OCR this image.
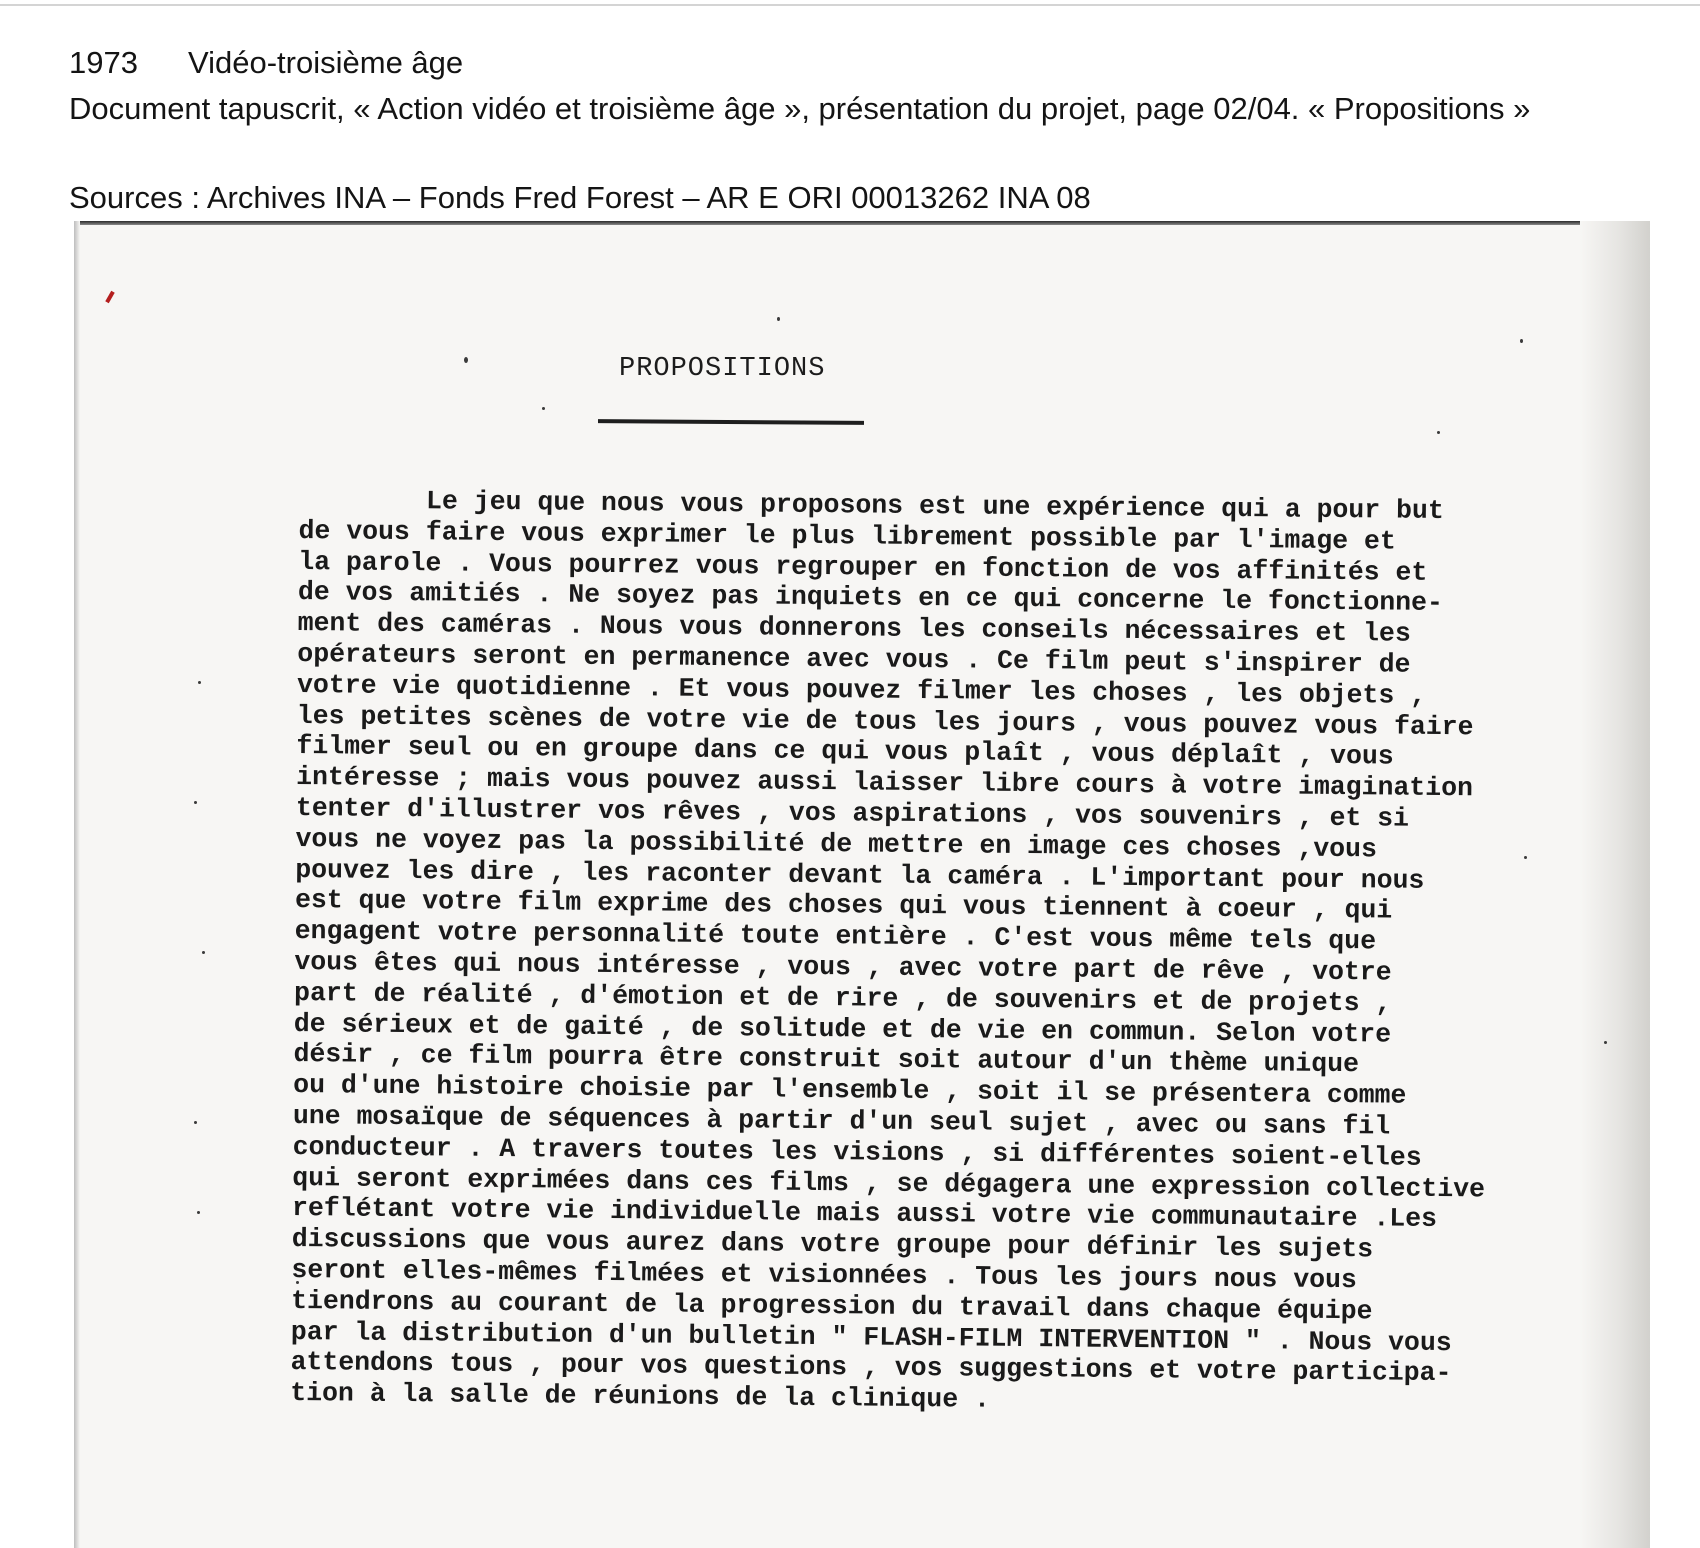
1973 Vidéo-troisième âge
Document tapuscrit, « Action vidéo et troisième âge », présentation du projet, page 02/04. « Propositions »
Sources : Archives INA – Fonds Fred Forest – AR E ORI 00013262 INA 08
PROPOSITIONS
Le jeu que nous vous proposons est une expérience qui a pour but
de vous faire vous exprimer le plus librement possible par l'image et
la parole . Vous pourrez vous regrouper en fonction de vos affinités et
de vos amitiés . Ne soyez pas inquiets en ce qui concerne le fonctionne-
ment des caméras . Nous vous donnerons les conseils nécessaires et les
opérateurs seront en permanence avec vous . Ce film peut s'inspirer de
votre vie quotidienne . Et vous pouvez filmer les choses , les objets ,
les petites scènes de votre vie de tous les jours , vous pouvez vous faire
filmer seul ou en groupe dans ce qui vous plaît , vous déplaît , vous
intéresse ; mais vous pouvez aussi laisser libre cours à votre imagination
tenter d'illustrer vos rêves , vos aspirations , vos souvenirs , et si
vous ne voyez pas la possibilité de mettre en image ces choses ,vous
pouvez les dire , les raconter devant la caméra . L'important pour nous
est que votre film exprime des choses qui vous tiennent à coeur , qui
engagent votre personnalité toute entière . C'est vous même tels que
vous êtes qui nous intéresse , vous , avec votre part de rêve , votre
part de réalité , d'émotion et de rire , de souvenirs et de projets ,
de sérieux et de gaité , de solitude et de vie en commun. Selon votre
désir , ce film pourra être construit soit autour d'un thème unique
ou d'une histoire choisie par l'ensemble , soit il se présentera comme
une mosaïque de séquences à partir d'un seul sujet , avec ou sans fil
conducteur . A travers toutes les visions , si différentes soient-elles
qui seront exprimées dans ces films , se dégagera une expression collective
reflétant votre vie individuelle mais aussi votre vie communautaire .Les
discussions que vous aurez dans votre groupe pour définir les sujets
seront elles-mêmes filmées et visionnées . Tous les jours nous vous
tiendrons au courant de la progression du travail dans chaque équipe
par la distribution d'un bulletin " FLASH-FILM INTERVENTION " . Nous vous
attendons tous , pour vos questions , vos suggestions et votre participa-
tion à la salle de réunions de la clinique .
